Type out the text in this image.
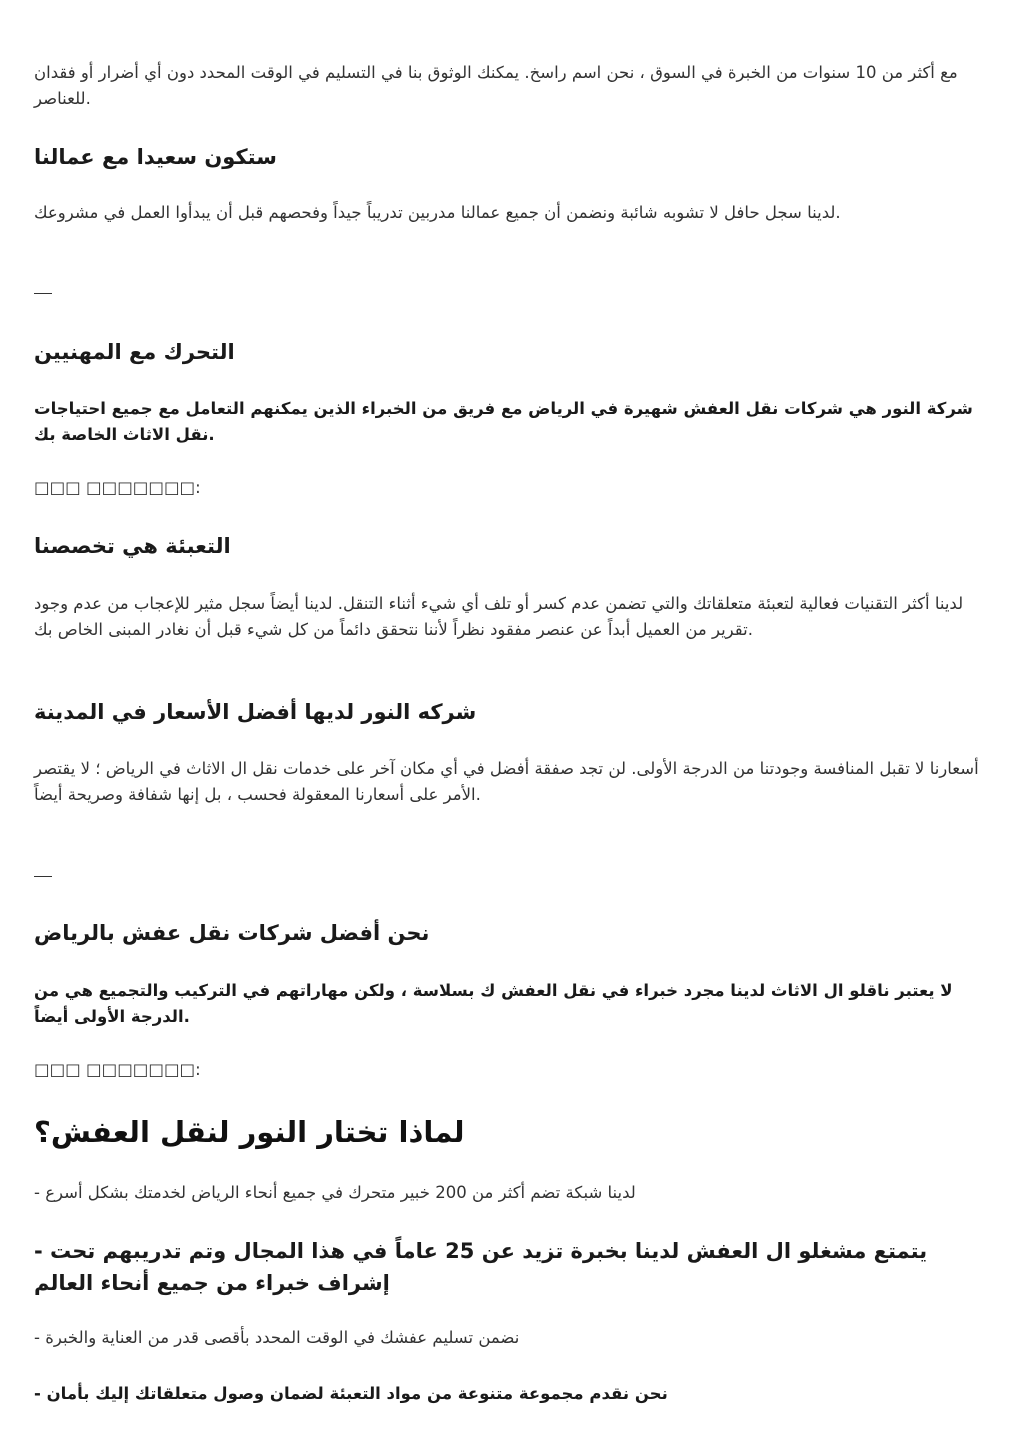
مع أكثر من 10 سنوات من الخبرة في السوق ، نحن اسم راسخ. يمكنك الوثوق بنا في التسليم في الوقت المحدد دون أي أضرار أو فقدان للعناصر.

ستكون سعيدا مع عمالنا

لدينا سجل حافل لا تشوبه شائبة ونضمن أن جميع عمالنا مدربين تدريباً جيداً وفحصهم قبل أن يبدأوا العمل في مشروعك.

التحرك مع المهنيين

شركة النور هي شركات نقل العفش شهيرة في الرياض مع فريق من الخبراء الذين يمكنهم التعامل مع جميع احتياجات نقل الاثاث الخاصة بك.

□□□ □□□□□□□:

التعبئة هي تخصصنا

لدينا أكثر التقنيات فعالية لتعبئة متعلقاتك والتي تضمن عدم كسر أو تلف أي شيء أثناء التنقل. لدينا أيضاً سجل مثير للإعجاب من عدم وجود تقرير من العميل أبداً عن عنصر مفقود نظراً لأننا نتحقق دائماً من كل شيء قبل أن نغادر المبنى الخاص بك.

شركه النور لديها أفضل الأسعار في المدينة

أسعارنا لا تقبل المنافسة وجودتنا من الدرجة الأولى. لن تجد صفقة أفضل في أي مكان آخر على خدمات نقل ال الاثاث في الرياض ؛ لا يقتصر الأمر على أسعارنا المعقولة فحسب ، بل إنها شفافة وصريحة أيضاً.

نحن أفضل شركات نقل عفش بالرياض

لا يعتبر ناقلو ال الاثاث لدينا مجرد خبراء في نقل العفش ك بسلاسة ، ولكن مهاراتهم في التركيب والتجميع هي من الدرجة الأولى أيضاً.

□□□ □□□□□□□:

لماذا تختار النور لنقل العفش؟

- لدينا شبكة تضم أكثر من 200 خبير متحرك في جميع أنحاء الرياض لخدمتك بشكل أسرع

- يتمتع مشغلو ال العفش لدينا بخبرة تزيد عن 25 عاماً في هذا المجال وتم تدريبهم تحت إشراف خبراء من جميع أنحاء العالم

- نضمن تسليم عفشك في الوقت المحدد بأقصى قدر من العناية والخبرة

- نحن نقدم مجموعة متنوعة من مواد التعبئة لضمان وصول متعلقاتك إليك بأمان
